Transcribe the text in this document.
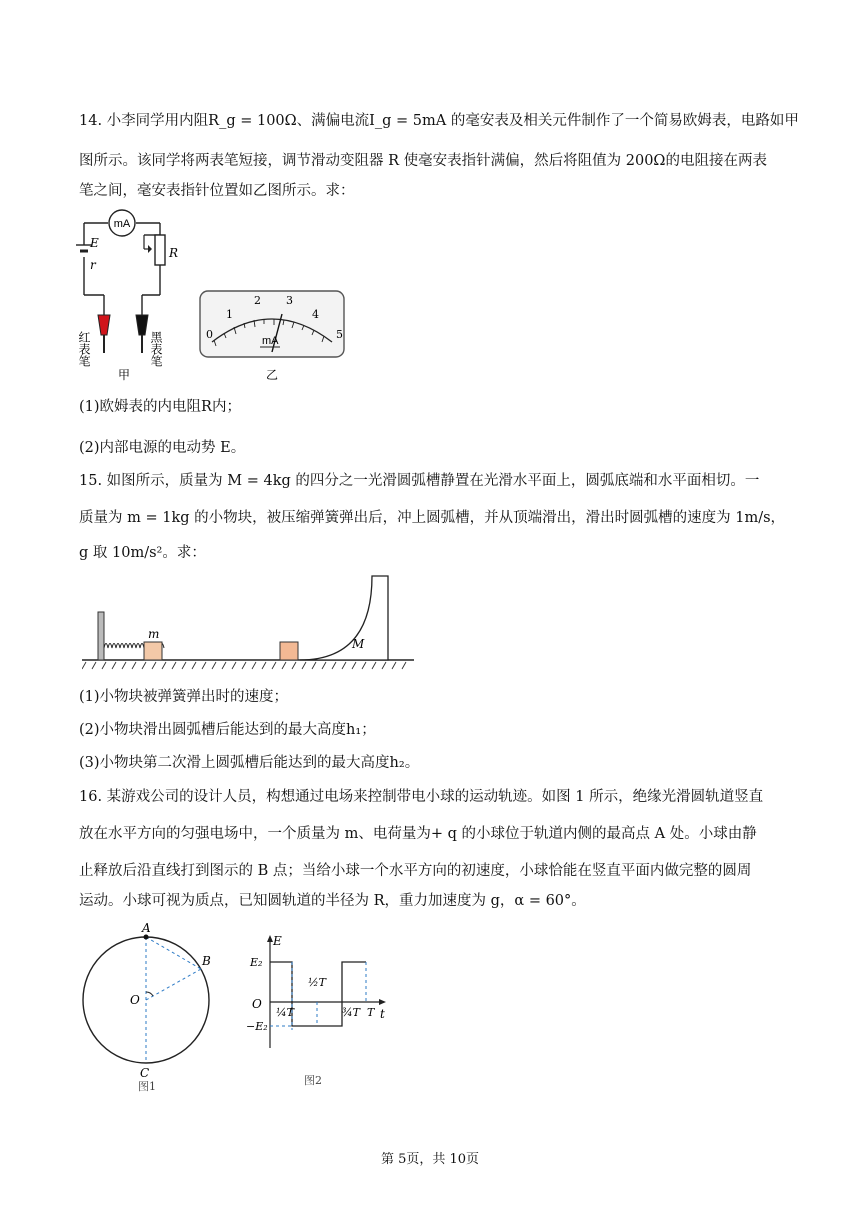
14. 小李同学用内阻R_g = 100Ω、满偏电流I_g = 5mA 的毫安表及相关元件制作了一个简易欧姆表，电路如甲
图所示。该同学将两表笔短接，调节滑动变阻器 R 使毫安表指针满偏，然后将阻值为 200Ω的电阻接在两表
笔之间，毫安表指针位置如乙图所示。求：
mA
E
r
R
红表笔	黑表笔
甲
0
1
2 3
4
5
mA
乙
(1)欧姆表的内电阻R内；
(2)内部电源的电动势 E。
15. 如图所示，质量为 M = 4kg 的四分之一光滑圆弧槽静置在光滑水平面上，圆弧底端和水平面相切。一
质量为 m = 1kg 的小物块，被压缩弹簧弹出后，冲上圆弧槽，并从顶端滑出，滑出时圆弧槽的速度为 1m/s，
g 取 10m/s²。求：
m
M
(1)小物块被弹簧弹出时的速度；
(2)小物块滑出圆弧槽后能达到的最大高度h₁；
(3)小物块第二次滑上圆弧槽后能达到的最大高度h₂。
16. 某游戏公司的设计人员，构想通过电场来控制带电小球的运动轨迹。如图 1 所示，绝缘光滑圆轨道竖直
放在水平方向的匀强电场中，一个质量为 m、电荷量为+ q 的小球位于轨道内侧的最高点 A 处。小球由静
止释放后沿直线打到图示的 B 点；当给小球一个水平方向的初速度，小球恰能在竖直平面内做完整的圆周
运动。小球可视为质点，已知圆轨道的半径为 R，重力加速度为 g，α = 60°。
A
B
O
C
图1
E
t
O
E₂
−E₂
½T
¼T	¾T T
图2
第 5页，共 10页
